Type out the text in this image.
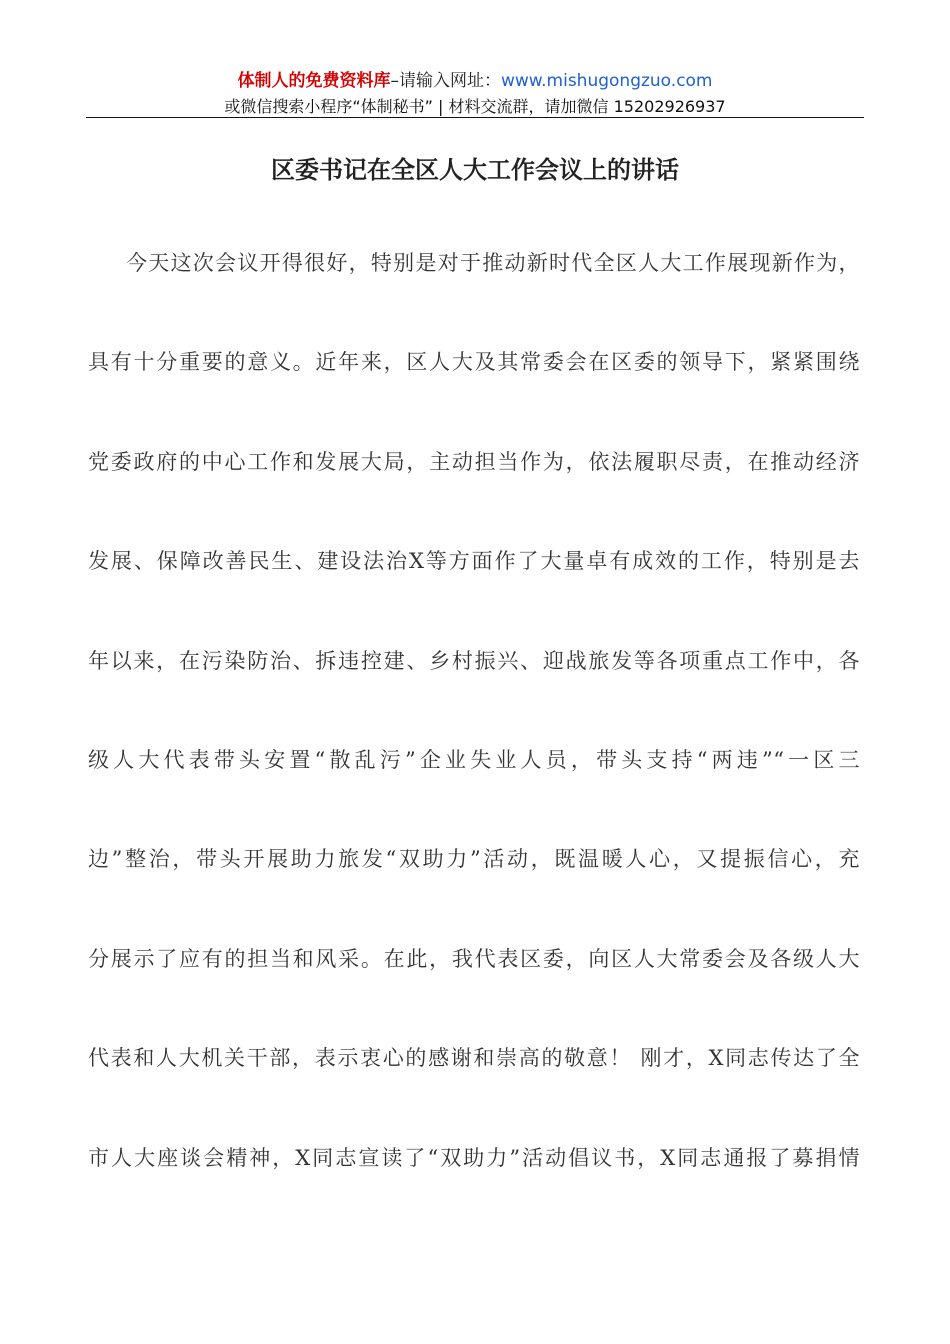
体制人的免费资料库–请输入网址：www.mishugongzuo.com
或微信搜索小程序“体制秘书” | 材料交流群，请加微信 15202926937
区委书记在全区人大工作会议上的讲话
今天这次会议开得很好，特别是对于推动新时代全区人大工作展现新作为，
具有十分重要的意义。近年来，区人大及其常委会在区委的领导下，紧紧围绕
党委政府的中心工作和发展大局，主动担当作为，依法履职尽责，在推动经济
发展、保障改善民生、建设法治X等方面作了大量卓有成效的工作，特别是去
年以来，在污染防治、拆违控建、乡村振兴、迎战旅发等各项重点工作中，各
级人大代表带头安置“散乱污”企业失业人员，带头支持“两违”“一区三
边”整治，带头开展助力旅发“双助力”活动，既温暖人心，又提振信心，充
分展示了应有的担当和风采。在此，我代表区委，向区人大常委会及各级人大
代表和人大机关干部，表示衷心的感谢和崇高的敬意！ 刚才，X同志传达了全
市人大座谈会精神，X同志宣读了“双助力”活动倡议书，X同志通报了募捐情
